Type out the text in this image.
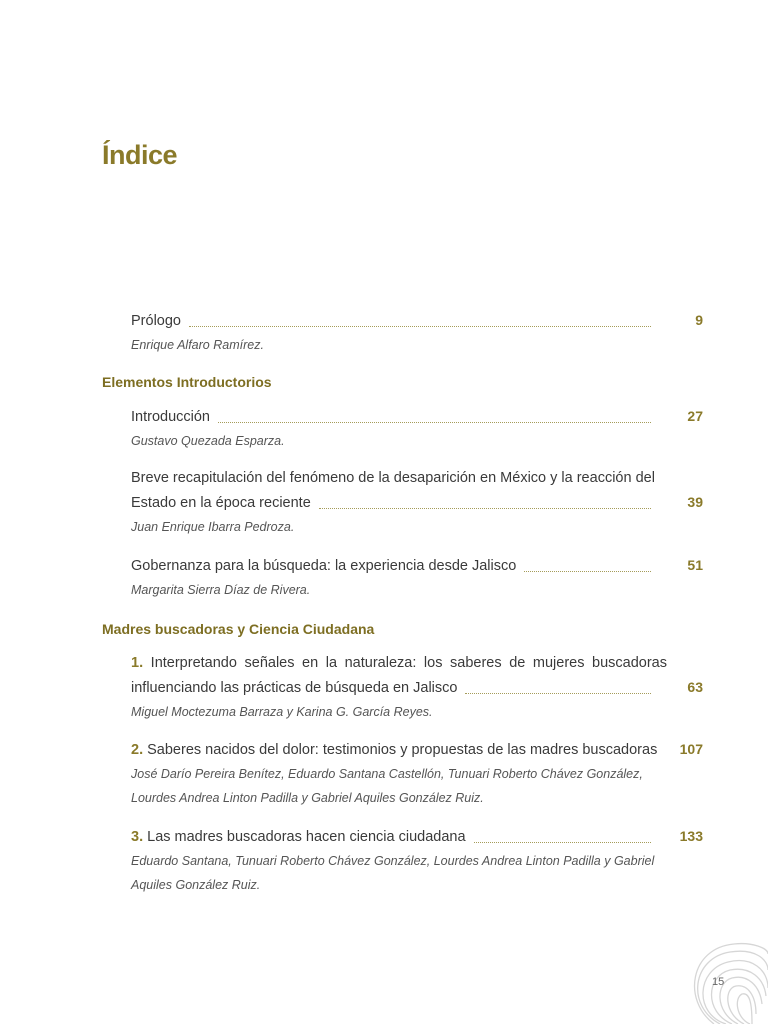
Índice
Prólogo	9
Enrique Alfaro Ramírez.
Elementos Introductorios
Introducción	27
Gustavo Quezada Esparza.
Breve recapitulación del fenómeno de la desaparición en México y la reacción del
Estado en la época reciente	39
Juan Enrique Ibarra Pedroza.
Gobernanza para la búsqueda: la experiencia desde Jalisco	51
Margarita Sierra Díaz de Rivera.
Madres buscadoras y Ciencia Ciudadana
1. Interpretando señales en la naturaleza: los saberes de mujeres buscadoras
influenciando las prácticas de búsqueda en Jalisco	63
Miguel Moctezuma Barraza y Karina G. García Reyes.
2.
Saberes nacidos del dolor: testimonios y propuestas de las madres buscadoras 107
José Darío Pereira Benítez, Eduardo Santana Castellón, Tunuari Roberto Chávez González,
Lourdes Andrea Linton Padilla y Gabriel Aquiles González Ruiz.
3.
Las madres buscadoras hacen ciencia ciudadana	133
Eduardo Santana, Tunuari Roberto Chávez González, Lourdes Andrea Linton Padilla y Gabriel
Aquiles González Ruiz.
15
